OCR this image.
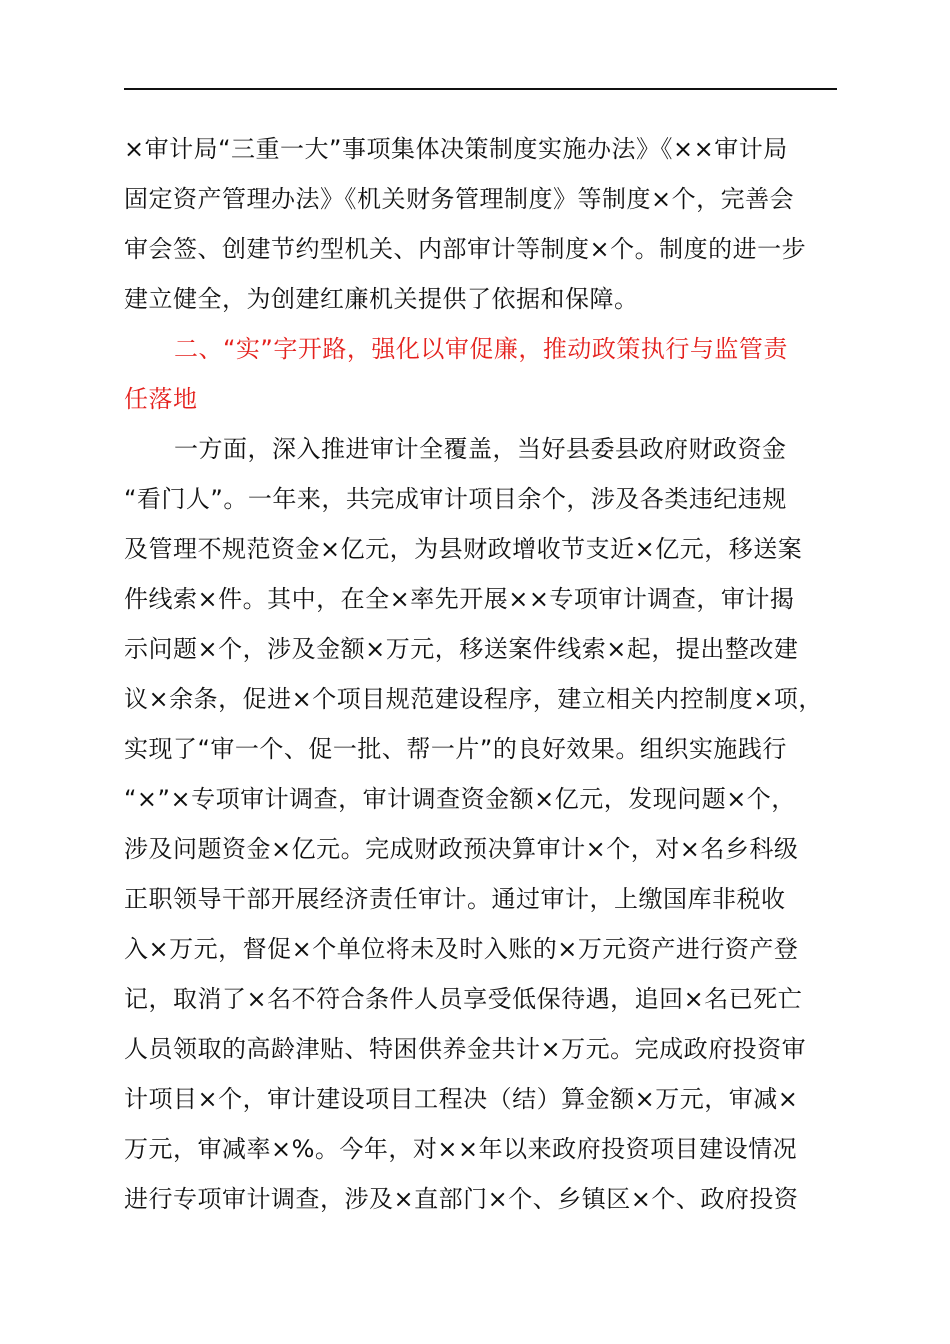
×审计局“三重一大”事项集体决策制度实施办法》《××审计局
固定资产管理办法》《机关财务管理制度》等制度×个，完善会
审会签、创建节约型机关、内部审计等制度×个。制度的进一步
建立健全，为创建红廉机关提供了依据和保障。
二、“实”字开路，强化以审促廉，推动政策执行与监管责
任落地
一方面，深入推进审计全覆盖，当好县委县政府财政资金
“看门人”。一年来，共完成审计项目余个，涉及各类违纪违规
及管理不规范资金×亿元，为县财政增收节支近×亿元，移送案
件线索×件。其中，在全×率先开展××专项审计调查，审计揭
示问题×个，涉及金额×万元，移送案件线索×起，提出整改建
议×余条，促进×个项目规范建设程序，建立相关内控制度×项，
实现了“审一个、促一批、帮一片”的良好效果。组织实施践行
“×”×专项审计调查，审计调查资金额×亿元，发现问题×个，
涉及问题资金×亿元。完成财政预决算审计×个，对×名乡科级
正职领导干部开展经济责任审计。通过审计，上缴国库非税收
入×万元，督促×个单位将未及时入账的×万元资产进行资产登
记，取消了×名不符合条件人员享受低保待遇，追回×名已死亡
人员领取的高龄津贴、特困供养金共计×万元。完成政府投资审
计项目×个，审计建设项目工程决（结）算金额×万元，审减×
万元，审减率×%。今年，对××年以来政府投资项目建设情况
进行专项审计调查，涉及×直部门×个、乡镇区×个、政府投资
